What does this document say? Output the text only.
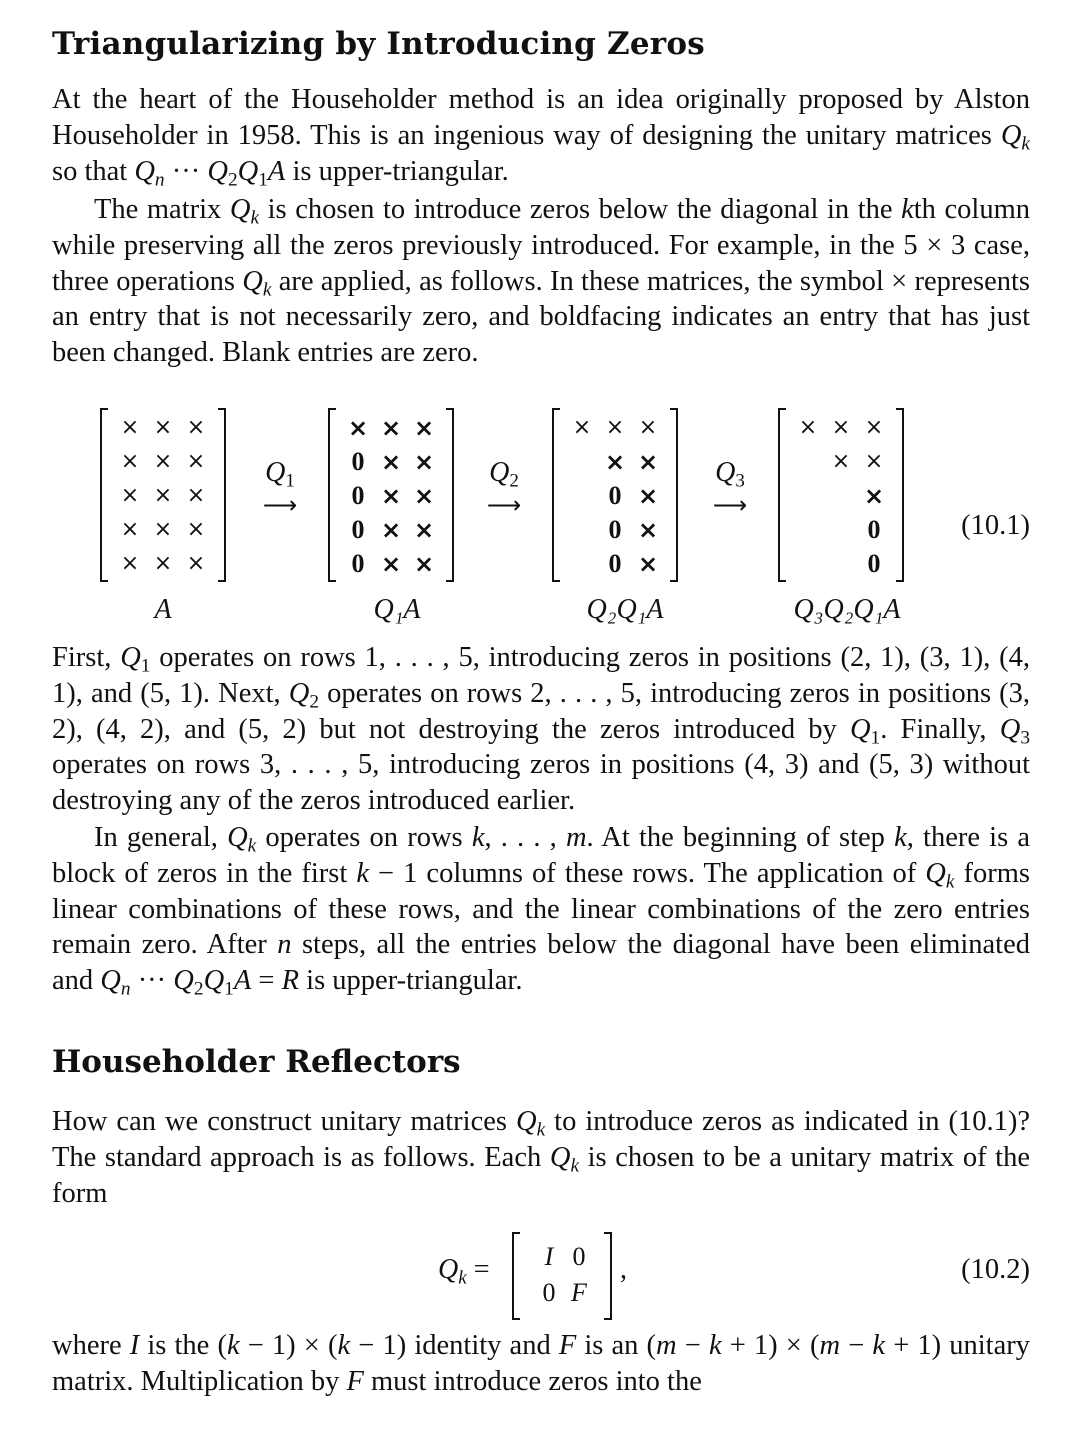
Triangularizing by Introducing Zeros

At the heart of the Householder method is an idea originally proposed by Alston Householder in 1958. This is an ingenious way of designing the unitary matrices $Q_k$ so that $Q_n$ ··· $Q_2Q_1A$ is upper-triangular.

The matrix $Q_k$ is chosen to introduce zeros below the diagonal in the kth column while preserving all the zeros previously introduced. For example, in the 5 × 3 case, three operations $Q_k$ are applied, as follows. In these matrices, the symbol × represents an entry that is not necessarily zero, and boldfacing indicates an entry that has just been changed. Blank entries are zero.

× × ×
× × ×
× × ×
× × ×
× × ×
A
× × ×
0 × ×
0 × ×
0 × ×
0 × ×
Q₁A
× × ×
× ×
0 ×
0 ×
0 ×
Q₂Q₁A
× × ×
× ×
×
0
0
Q₃Q₂Q₁A
$Q_1$
⟶
$Q_2$
⟶
$Q_3$
⟶
(10.1)

First, $Q_1$ operates on rows 1, . . . , 5, introducing zeros in positions (2, 1), (3, 1), (4, 1), and (5, 1). Next, $Q_2$ operates on rows 2, . . . , 5, introducing zeros in positions (3, 2), (4, 2), and (5, 2) but not destroying the zeros introduced by $Q_1$. Finally, $Q_3$ operates on rows 3, . . . , 5, introducing zeros in positions (4, 3) and (5, 3) without destroying any of the zeros introduced earlier.

In general, $Q_k$ operates on rows k, . . . , m. At the beginning of step k, there is a block of zeros in the first k − 1 columns of these rows. The application of $Q_k$ forms linear combinations of these rows, and the linear combinations of the zero entries remain zero. After n steps, all the entries below the diagonal have been eliminated and $Q_n$ ··· $Q_2Q_1A = R$ is upper-triangular.

Householder Reflectors

How can we construct unitary matrices $Q_k$ to introduce zeros as indicated in (10.1)? The standard approach is as follows. Each $Q_k$ is chosen to be a unitary matrix of the form

$Q_k$ =	I 0
0 F
,	(10.2)

where I is the (k − 1) × (k − 1) identity and F is an (m − k + 1) × (m − k + 1) unitary matrix. Multiplication by F must introduce zeros into the
